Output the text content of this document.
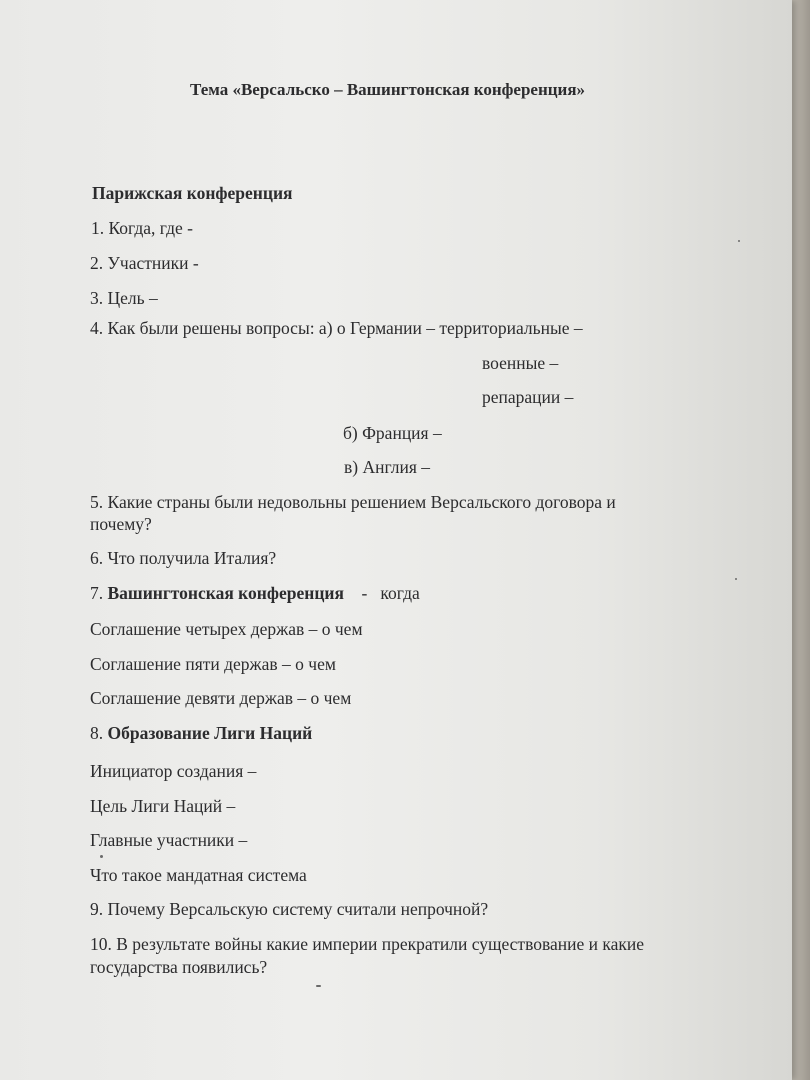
Тема «Версальско – Вашингтонская конференция»
Парижская конференция
1. Когда, где -
2. Участники -
3. Цель –
4. Как были решены вопросы: а) о Германии – территориальные –
военные –
репарации –
б) Франция –
в) Англия –
5. Какие страны были недовольны решением Версальского договора и
почему?
6. Что получила Италия?
7. Вашингтонская конференция    -   когда
Соглашение четырех держав – о чем
Соглашение пяти держав – о чем
Соглашение девяти держав – о чем
8. Образование Лиги Наций
Инициатор создания –
Цель Лиги Наций –
Главные участники –
Что такое мандатная система
9. Почему Версальскую систему считали непрочной?
10. В результате войны какие империи прекратили существование и какие
государства появились?
